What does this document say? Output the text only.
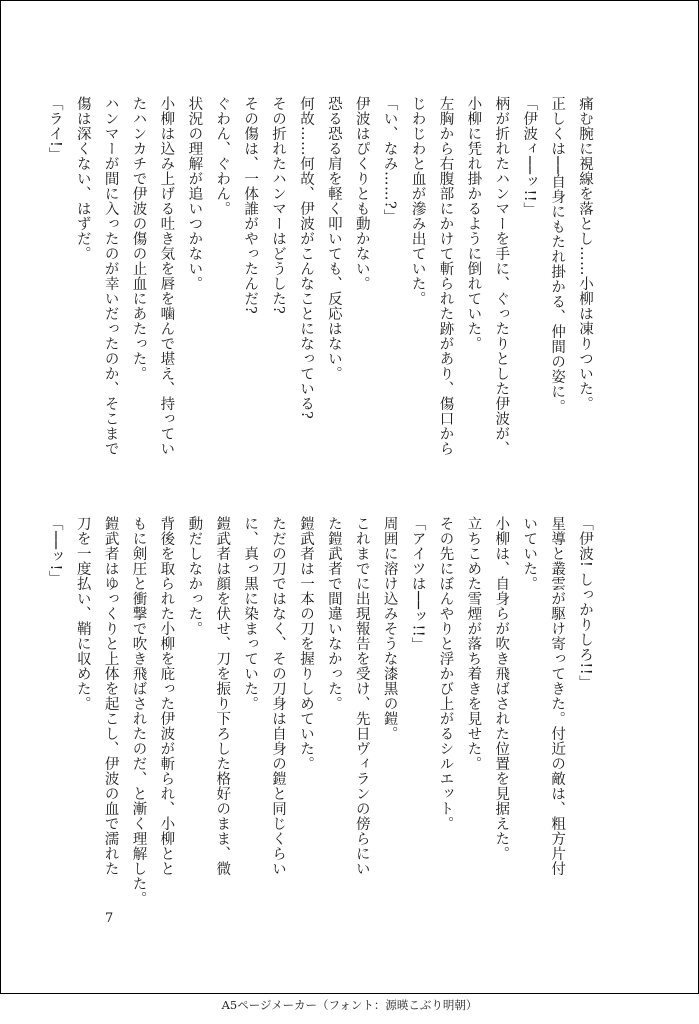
痛む腕に視線を落とし……小柳は凍りついた。
正しくは──自身にもたれ掛かる、仲間の姿に。
「伊波ィ──ッ!!」
柄が折れたハンマーを手に、ぐったりとした伊波が、
小柳に凭れ掛かるように倒れていた。
左胸から右腹部にかけて斬られた跡があり、傷口から
じわじわと血が滲み出ていた。
「い、なみ……?」
伊波はぴくりとも動かない。
恐る恐る肩を軽く叩いても、反応はない。
何故……何故、伊波がこんなことになっている?
その折れたハンマーはどうした?
その傷は、一体誰がやったんだ?
ぐわん、ぐわん。
状況の理解が追いつかない。
小柳は込み上げる吐き気を唇を噛んで堪え、持ってい
たハンカチで伊波の傷の止血にあたった。
ハンマーが間に入ったのが幸いだったのか、そこまで
傷は深くない、はずだ。
「ライ!」
「伊波! しっかりしろ!!」
星導と叢雲が駆け寄ってきた。付近の敵は、粗方片付
いていた。
小柳は、自身らが吹き飛ばされた位置を見据えた。
立ちこめた雪煙が落ち着きを見せた。
その先にぼんやりと浮かび上がるシルエット。
「アイツは──ッ!!」
周囲に溶け込みそうな漆黒の鎧。
これまでに出現報告を受け、先日ヴィランの傍らにい
た鎧武者で間違いなかった。
鎧武者は一本の刀を握りしめていた。
ただの刀ではなく、その刀身は自身の鎧と同じくらい
に、真っ黒に染まっていた。
鎧武者は顔を伏せ、刀を振り下ろした格好のまま、微
動だしなかった。
背後を取られた小柳を庇った伊波が斬られ、小柳とと
もに剣圧と衝撃で吹き飛ばされたのだ、と漸く理解した。
鎧武者はゆっくりと上体を起こし、伊波の血で濡れた
刀を一度払い、鞘に収めた。
「──ッ!」
7
A5ページメーカー（フォント：源暎こぶり明朝）
